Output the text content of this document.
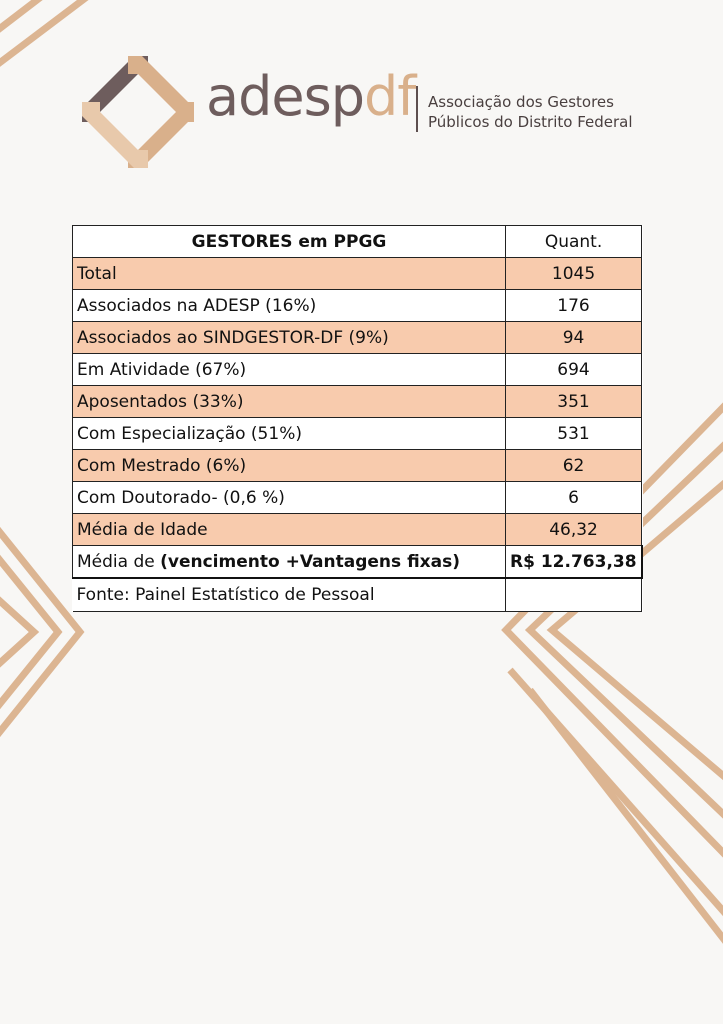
adespdf Associação dos Gestores
Públicos do Distrito Federal
GESTORES em PPGG	Quant.
Total	1045
Associados na ADESP (16%)	176
Associados ao SINDGESTOR-DF (9%)	94
Em Atividade (67%)	694
Aposentados (33%)	351
Com Especialização (51%)	531
Com Mestrado (6%)	62
Com Doutorado- (0,6 %)	6
Média de Idade	46,32
Média de (vencimento +Vantagens fixas)	R$ 12.763,38
Fonte: Painel Estatístico de Pessoal	
